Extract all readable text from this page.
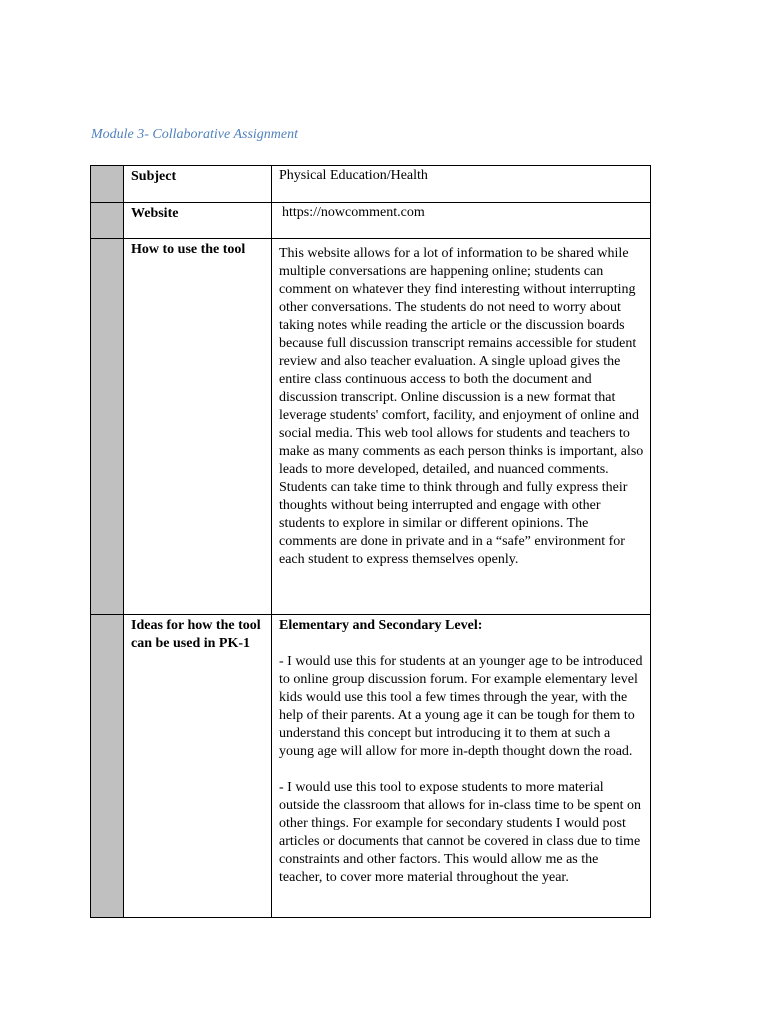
Module 3- Collaborative Assignment

	Subject	Physical Education/Health

	Website	https://nowcomment.com

	How to use the tool	This website allows for a lot of information to be shared while multiple conversations are happening online; students can comment on whatever they find interesting without interrupting other conversations. The students do not need to worry about taking notes while reading the article or the discussion boards because full discussion transcript remains accessible for student review and also teacher evaluation. A single upload gives the entire class continuous access to both the document and discussion transcript. Online discussion is a new format that leverage students' comfort, facility, and enjoyment of online and social media. This web tool allows for students and teachers to make as many comments as each person thinks is important, also leads to more developed, detailed, and nuanced comments. Students can take time to think through and fully express their thoughts without being interrupted and engage with other students to explore in similar or different opinions. The comments are done in private and in a “safe” environment for each student to express themselves openly.

	Ideas for how the tool can be used in PK-1	Elementary and Secondary Level:
- I would use this for students at an younger age to be introduced to online group discussion forum. For example elementary level kids would use this tool a few times through the year, with the help of their parents. At a young age it can be tough for them to understand this concept but introducing it to them at such a young age will allow for more in-depth thought down the road.
- I would use this tool to expose students to more material outside the classroom that allows for in-class time to be spent on other things. For example for secondary students I would post articles or documents that cannot be covered in class due to time constraints and other factors. This would allow me as the teacher, to cover more material throughout the year.
